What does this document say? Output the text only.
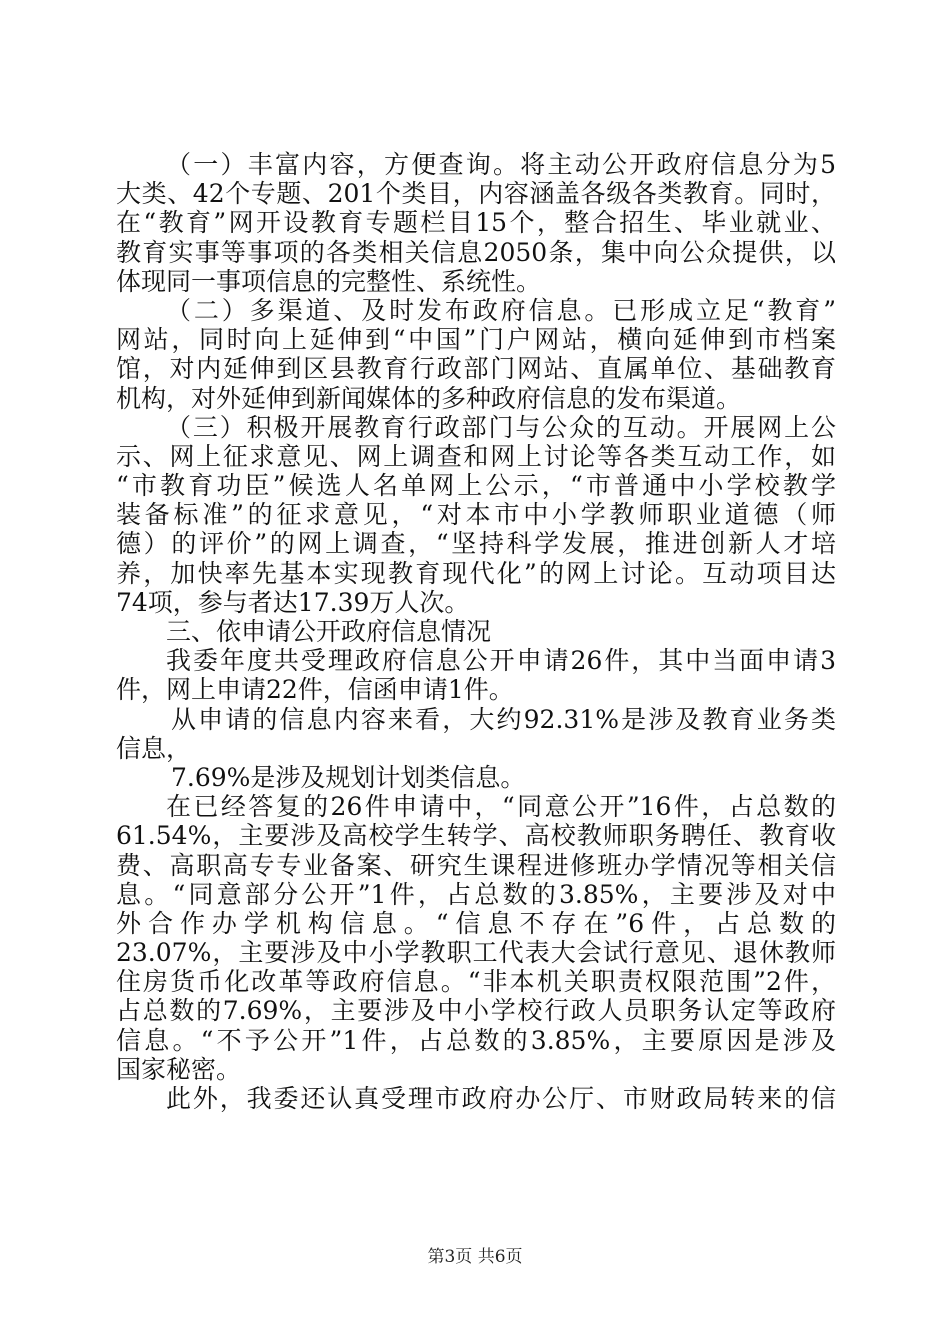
（一）丰富内容，方便查询。将主动公开政府信息分为5
大类、42个专题、201个类目，内容涵盖各级各类教育。同时，
在“教育”网开设教育专题栏目15个，整合招生、毕业就业、
教育实事等事项的各类相关信息2050条，集中向公众提供，以
体现同一事项信息的完整性、系统性。
（二）多渠道、及时发布政府信息。已形成立足“教育”
网站，同时向上延伸到“中国”门户网站，横向延伸到市档案
馆，对内延伸到区县教育行政部门网站、直属单位、基础教育
机构，对外延伸到新闻媒体的多种政府信息的发布渠道。
（三）积极开展教育行政部门与公众的互动。开展网上公
示、网上征求意见、网上调查和网上讨论等各类互动工作，如
“市教育功臣”候选人名单网上公示，“市普通中小学校教学
装备标准”的征求意见，“对本市中小学教师职业道德（师
德）的评价”的网上调查，“坚持科学发展，推进创新人才培
养，加快率先基本实现教育现代化”的网上讨论。互动项目达
74项，参与者达17.39万人次。
三、依申请公开政府信息情况
我委年度共受理政府信息公开申请26件，其中当面申请3
件，网上申请22件，信函申请1件。
从申请的信息内容来看，大约92.31%是涉及教育业务类
信息，
7.69%是涉及规划计划类信息。
在已经答复的26件申请中，“同意公开”16件，占总数的
61.54%，主要涉及高校学生转学、高校教师职务聘任、教育收
费、高职高专专业备案、研究生课程进修班办学情况等相关信
息。“同意部分公开”1件，占总数的3.85%，主要涉及对中
外合作办学机构信息。“信息不存在”6件，占总数的
23.07%，主要涉及中小学教职工代表大会试行意见、退休教师
住房货币化改革等政府信息。“非本机关职责权限范围”2件，
占总数的7.69%，主要涉及中小学校行政人员职务认定等政府
信息。“不予公开”1件，占总数的3.85%，主要原因是涉及
国家秘密。
此外，我委还认真受理市政府办公厅、市财政局转来的信
第3页 共6页
